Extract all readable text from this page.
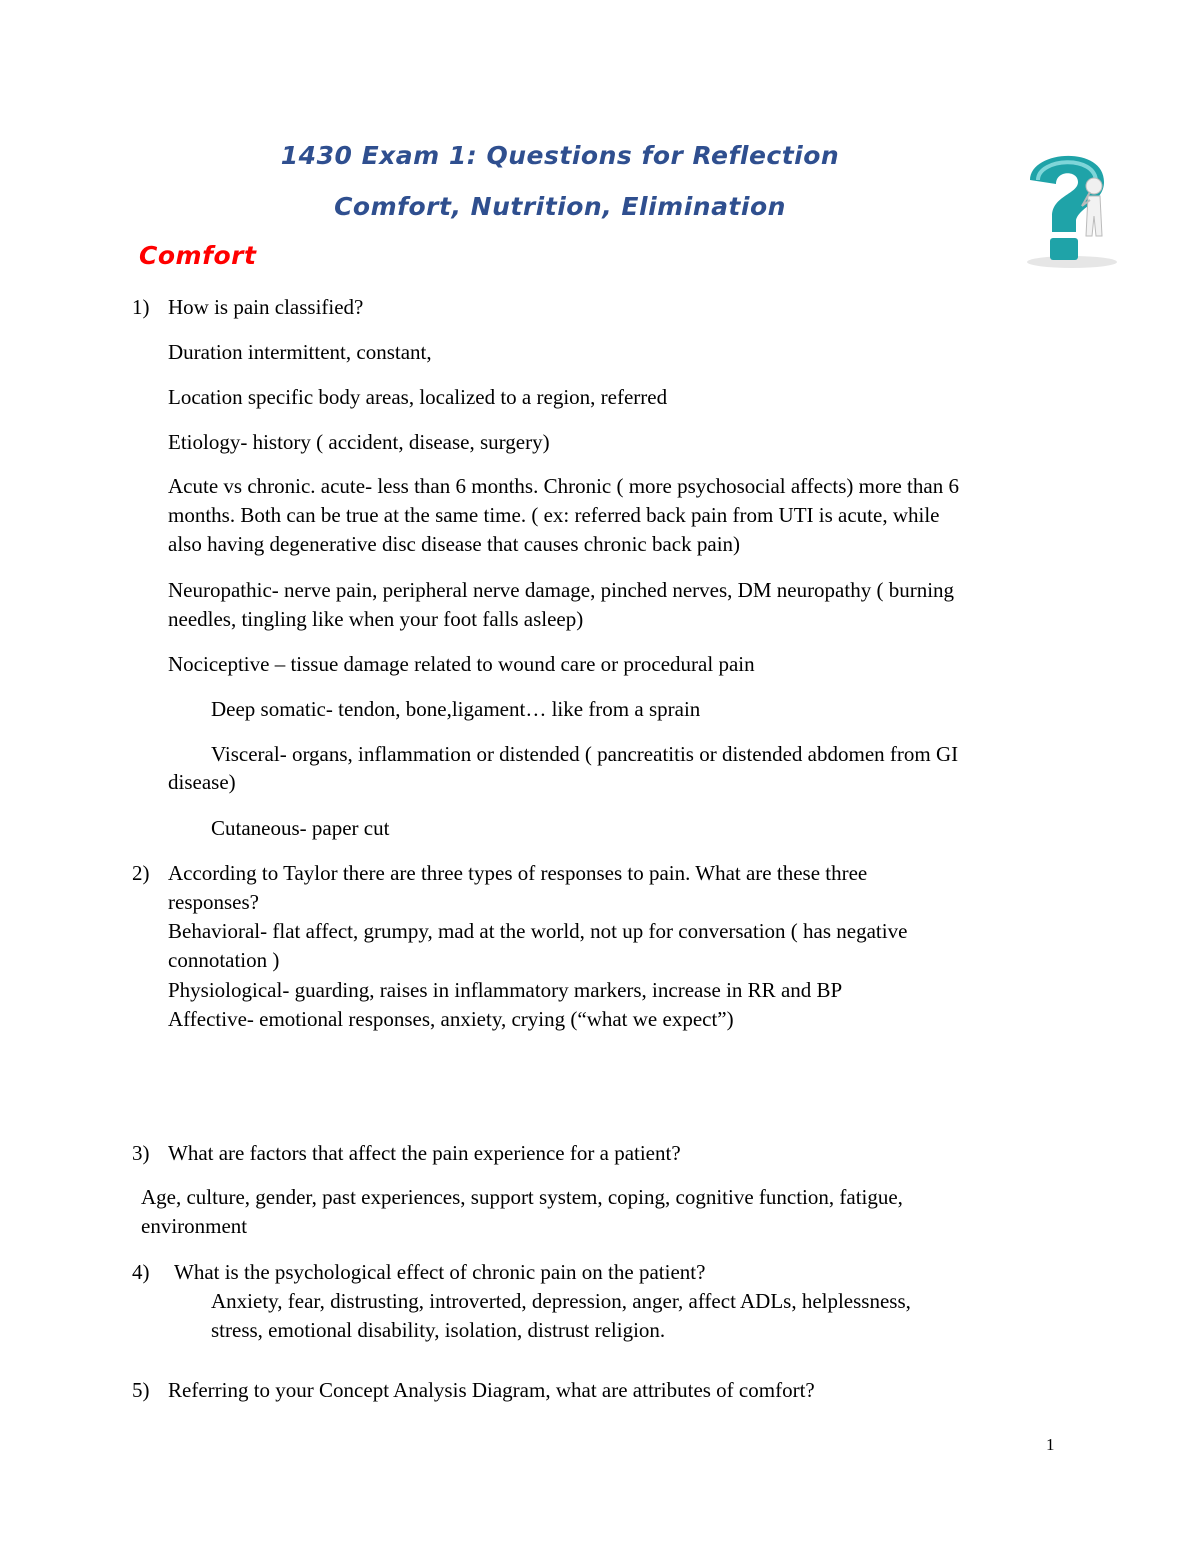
1430 Exam 1: Questions for Reflection
Comfort, Nutrition, Elimination
Comfort
1) How is pain classified?
Duration intermittent, constant,
Location specific body areas, localized to a region, referred
Etiology- history ( accident, disease, surgery)
Acute vs chronic. acute- less than 6 months. Chronic ( more psychosocial affects) more than 6
months. Both can be true at the same time. ( ex: referred back pain from UTI is acute, while
also having degenerative disc disease that causes chronic back pain)
Neuropathic- nerve pain, peripheral nerve damage, pinched nerves, DM neuropathy ( burning
needles, tingling like when your foot falls asleep)
Nociceptive – tissue damage related to wound care or procedural pain
Deep somatic- tendon, bone,ligament… like from a sprain
Visceral- organs, inflammation or distended ( pancreatitis or distended abdomen from GI
disease)
Cutaneous- paper cut
2) According to Taylor there are three types of responses to pain. What are these three
responses?
Behavioral- flat affect, grumpy, mad at the world, not up for conversation ( has negative
connotation )
Physiological- guarding, raises in inflammatory markers, increase in RR and BP
Affective- emotional responses, anxiety, crying (“what we expect”)
3) What are factors that affect the pain experience for a patient?
Age, culture, gender, past experiences, support system, coping, cognitive function, fatigue,
environment
4) What is the psychological effect of chronic pain on the patient?
Anxiety, fear, distrusting, introverted, depression, anger, affect ADLs, helplessness,
stress, emotional disability, isolation, distrust religion.
5) Referring to your Concept Analysis Diagram, what are attributes of comfort?
1
